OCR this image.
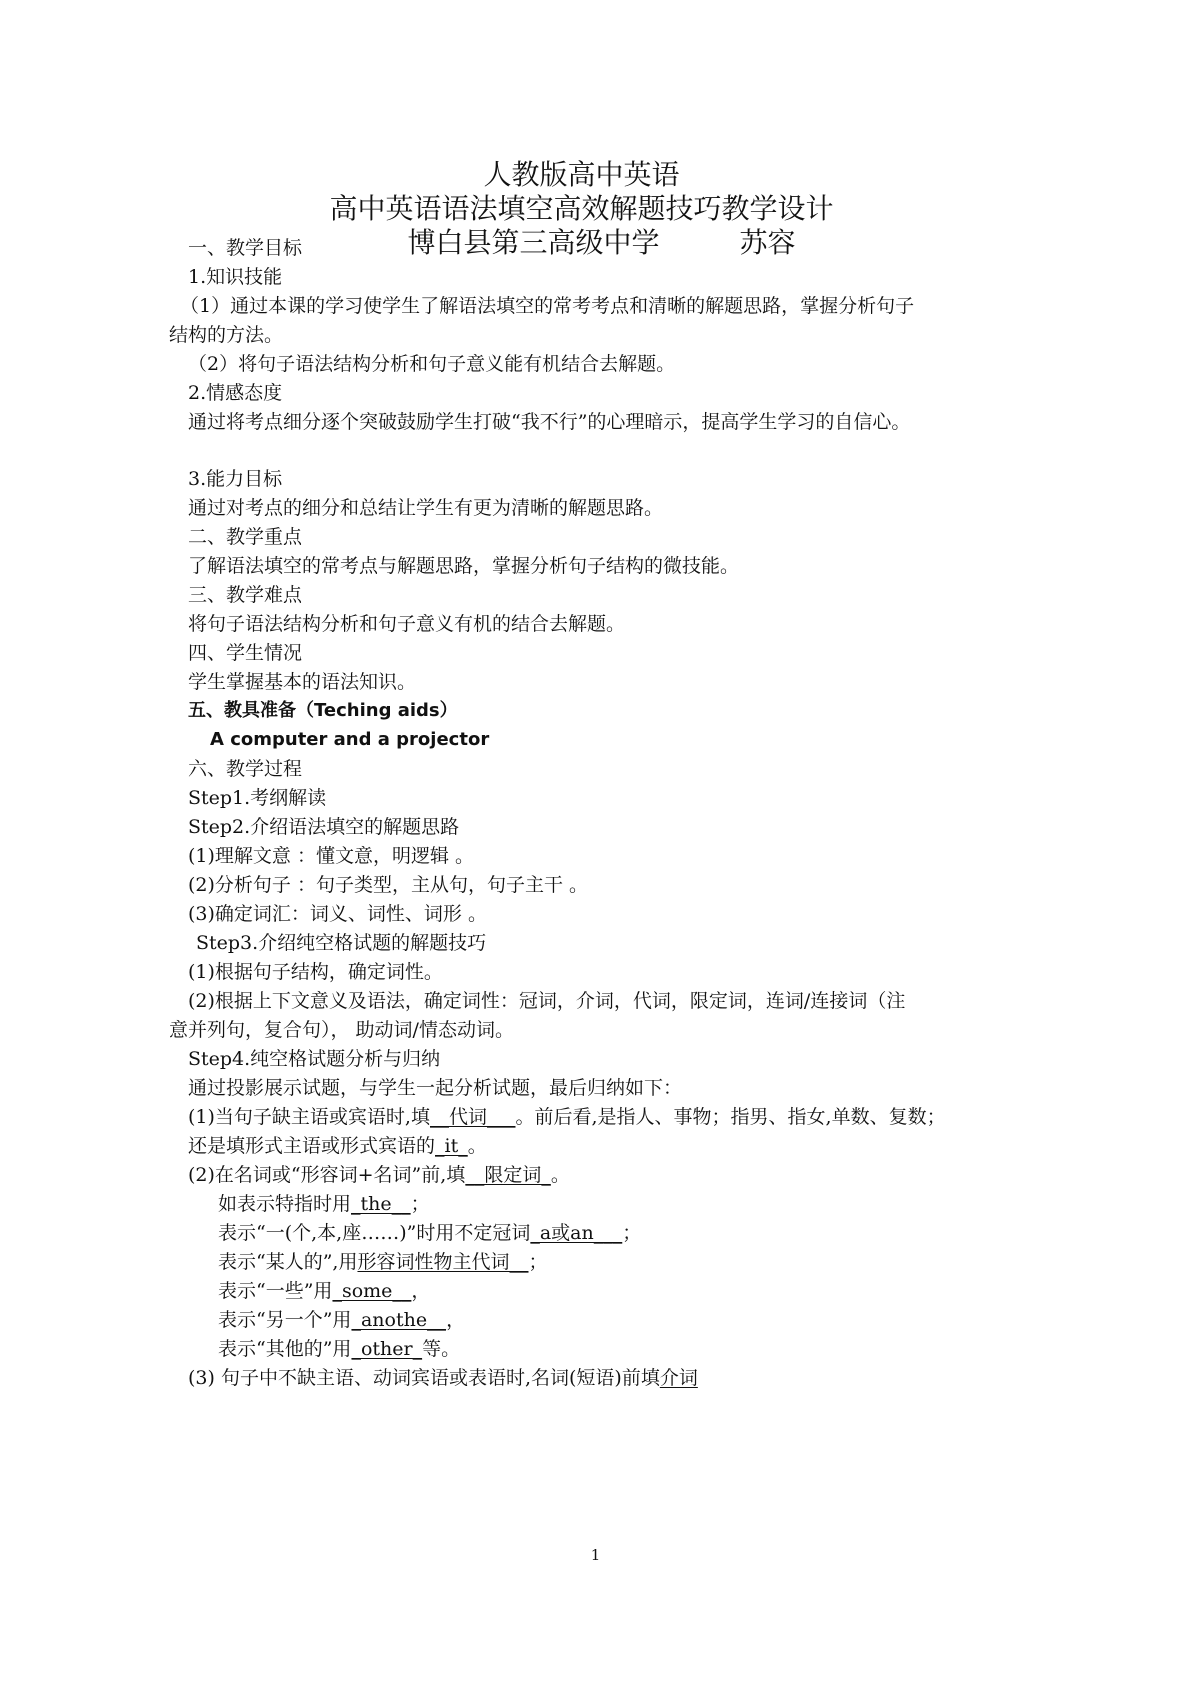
人教版高中英语
高中英语语法填空高效解题技巧教学设计
博白县第三高级中学         苏容
一、教学目标
1.知识技能
（1）通过本课的学习使学生了解语法填空的常考考点和清晰的解题思路，掌握分析句子
结构的方法。
（2）将句子语法结构分析和句子意义能有机结合去解题。
2.情感态度
通过将考点细分逐个突破鼓励学生打破“我不行”的心理暗示，提高学生学习的自信心。
3.能力目标
通过对考点的细分和总结让学生有更为清晰的解题思路。
二、教学重点
了解语法填空的常考点与解题思路，掌握分析句子结构的微技能。
三、教学难点
将句子语法结构分析和句子意义有机的结合去解题。
四、学生情况
学生掌握基本的语法知识。
五、教具准备（Teching aids）
A computer and a projector
六、教学过程
Step1.考纲解读
Step2.介绍语法填空的解题思路
(1)理解文意 ：懂文意，明逻辑 。
(2)分析句子 ：句子类型，主从句，句子主干 。
(3)确定词汇：词义、词性、词形 。
Step3.介绍纯空格试题的解题技巧
(1)根据句子结构，确定词性。
(2)根据上下文意义及语法，确定词性：冠词，介词，代词，限定词，连词/连接词（注
意并列句，复合句）， 助动词/情态动词。
Step4.纯空格试题分析与归纳
通过投影展示试题，与学生一起分析试题，最后归纳如下：
(1)当句子缺主语或宾语时,填__代词___。前后看,是指人、事物；指男、指女,单数、复数；
还是填形式主语或形式宾语的_it_。
(2)在名词或“形容词+名词”前,填__限定词_。
如表示特指时用_the__；
表示“一(个,本,座……)”时用不定冠词_a或an___；
表示“某人的”,用形容词性物主代词__；
表示“一些”用_some__，
表示“另一个”用_anothe__，
表示“其他的”用_other_等。
(3) 句子中不缺主语、动词宾语或表语时,名词(短语)前填介词
1
